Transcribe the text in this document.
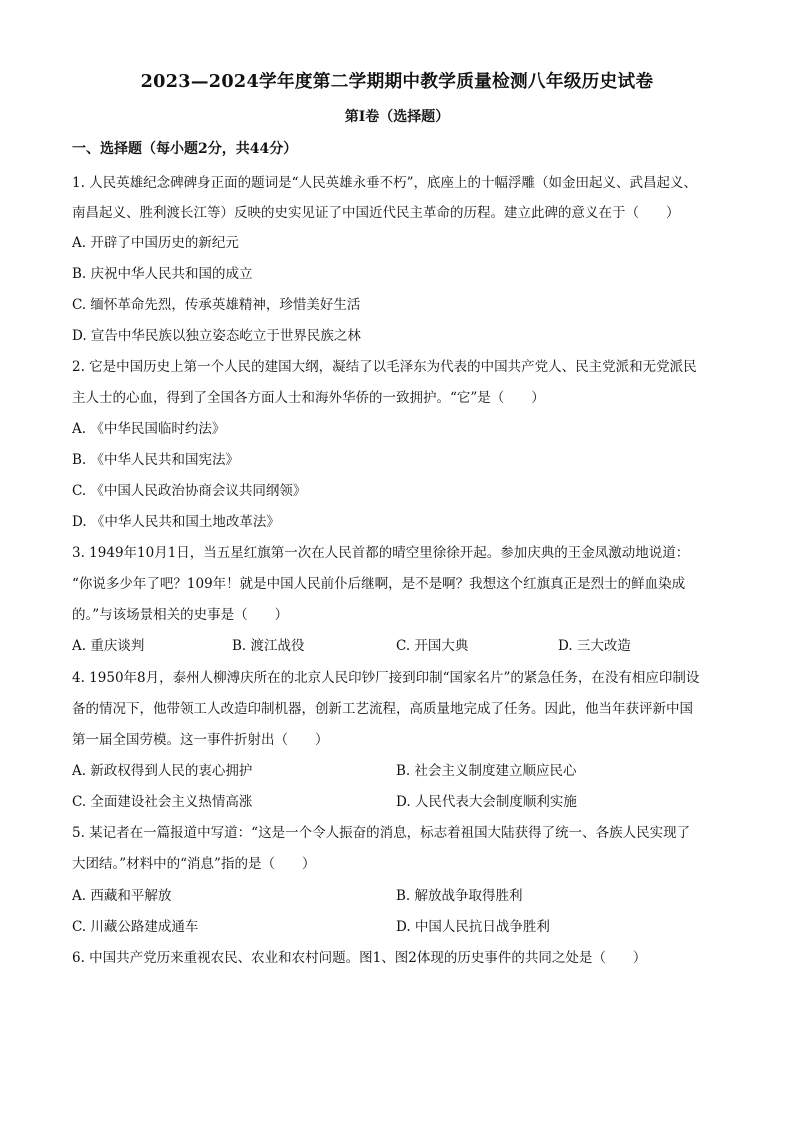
2023—2024学年度第二学期期中教学质量检测八年级历史试卷
第Ⅰ卷（选择题）
一、选择题（每小题2分，共44分）
1. 人民英雄纪念碑碑身正面的题词是“人民英雄永垂不朽”，底座上的十幅浮雕（如金田起义、武昌起义、
南昌起义、胜利渡长江等）反映的史实见证了中国近代民主革命的历程。建立此碑的意义在于（　　）
A. 开辟了中国历史的新纪元
B. 庆祝中华人民共和国的成立
C. 缅怀革命先烈，传承英雄精神，珍惜美好生活
D. 宣告中华民族以独立姿态屹立于世界民族之林
2. 它是中国历史上第一个人民的建国大纲，凝结了以毛泽东为代表的中国共产党人、民主党派和无党派民
主人士的心血，得到了全国各方面人士和海外华侨的一致拥护。“它”是（　　）
A. 《中华民国临时约法》
B. 《中华人民共和国宪法》
C. 《中国人民政治协商会议共同纲领》
D. 《中华人民共和国土地改革法》
3. 1949年10月1日，当五星红旗第一次在人民首都的晴空里徐徐开起。参加庆典的王金凤激动地说道：
“你说多少年了吧？109年！就是中国人民前仆后继啊，是不是啊？我想这个红旗真正是烈士的鲜血染成
的。”与该场景相关的史事是（　　）
A. 重庆谈判	B. 渡江战役	C. 开国大典	D. 三大改造
4. 1950年8月，泰州人柳溥庆所在的北京人民印钞厂接到印制“国家名片”的紧急任务，在没有相应印制设
备的情况下，他带领工人改造印制机器，创新工艺流程，高质量地完成了任务。因此，他当年获评新中国
第一届全国劳模。这一事件折射出（　　）
A. 新政权得到人民的衷心拥护	B. 社会主义制度建立顺应民心
C. 全面建设社会主义热情高涨	D. 人民代表大会制度顺利实施
5. 某记者在一篇报道中写道：“这是一个令人振奋的消息，标志着祖国大陆获得了统一、各族人民实现了
大团结。”材料中的“消息”指的是（　　）
A. 西藏和平解放	B. 解放战争取得胜利
C. 川藏公路建成通车	D. 中国人民抗日战争胜利
6. 中国共产党历来重视农民、农业和农村问题。图1、图2体现的历史事件的共同之处是（　　）
